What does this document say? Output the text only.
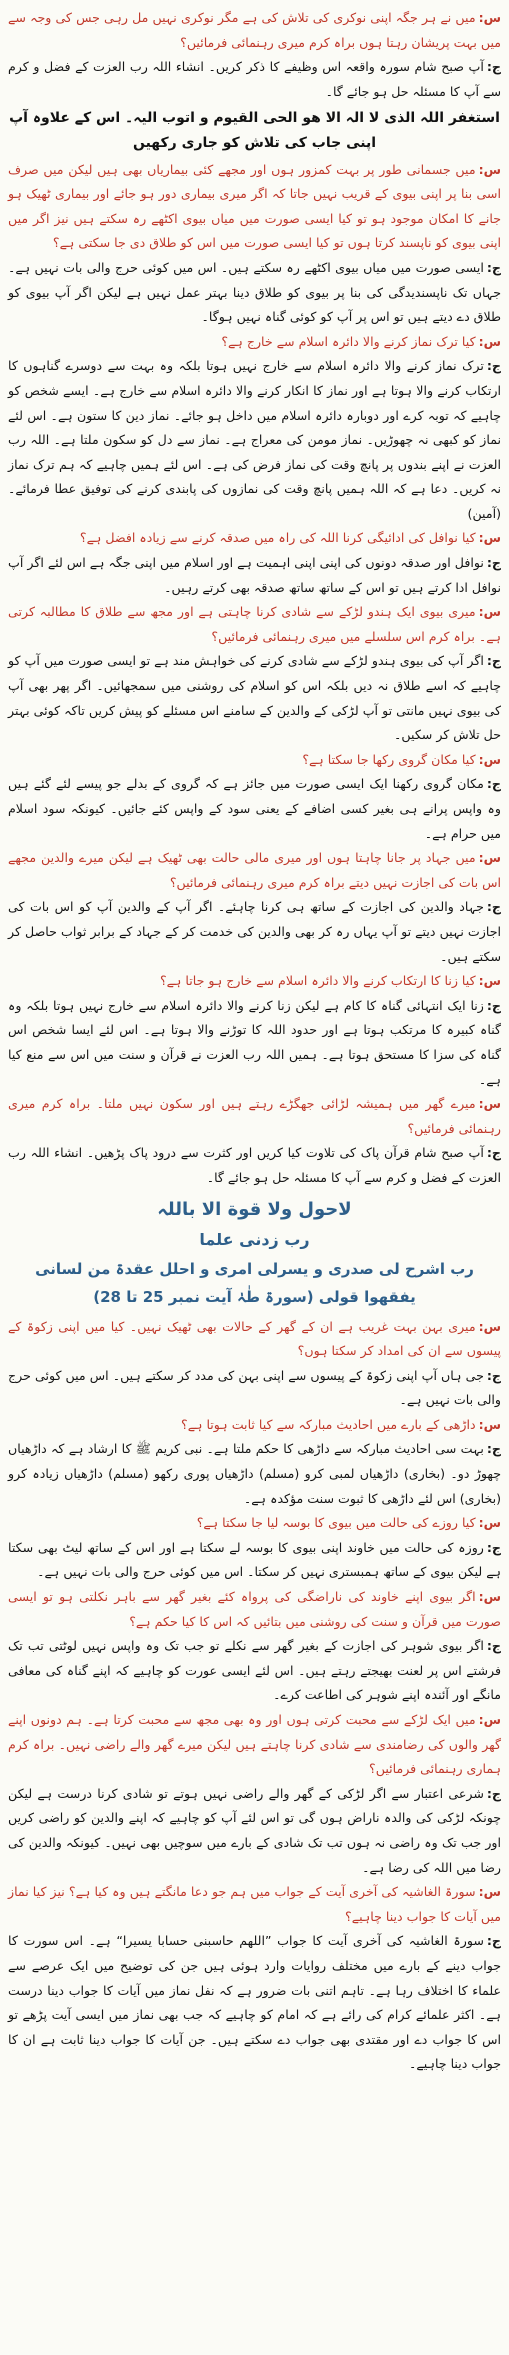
س:میں نے ہر جگہ اپنی نوکری کی تلاش کی ہے مگر نوکری نہیں مل رہی جس کی وجہ سے میں بہت پریشان رہتا ہوں براہ کرم میری رہنمائی فرمائیں؟

ج:آپ صبح شام سورہ واقعہ اس وظیفے کا ذکر کریں۔ انشاء اللہ رب العزت کے فضل و کرم سے آپ کا مسئلہ حل ہو جائے گا۔

استغفر اللہ الذی لا الہ الا ھو الحی القیوم و اتوب الیہ۔ اس کے علاوہ آپ اپنی جاب کی تلاش کو جاری رکھیں

س:میں جسمانی طور پر بہت کمزور ہوں اور مجھے کئی بیماریاں بھی ہیں لیکن میں صرف اسی بنا پر اپنی بیوی کے قریب نہیں جاتا کہ اگر میری بیماری دور ہو جائے اور بیماری ٹھیک ہو جانے کا امکان موجود ہو تو کیا ایسی صورت میں میاں بیوی اکٹھے رہ سکتے ہیں نیز اگر میں اپنی بیوی کو ناپسند کرتا ہوں تو کیا ایسی صورت میں اس کو طلاق دی جا سکتی ہے؟

ج:ایسی صورت میں میاں بیوی اکٹھے رہ سکتے ہیں۔ اس میں کوئی حرج والی بات نہیں ہے۔ جہاں تک ناپسندیدگی کی بنا پر بیوی کو طلاق دینا بہتر عمل نہیں ہے لیکن اگر آپ بیوی کو طلاق دے دیتے ہیں تو اس پر آپ کو کوئی گناہ نہیں ہوگا۔

س:کیا ترک نماز کرنے والا دائرہ اسلام سے خارج ہے؟

ج:ترک نماز کرنے والا دائرہ اسلام سے خارج نہیں ہوتا بلکہ وہ بہت سے دوسرے گناہوں کا ارتکاب کرنے والا ہوتا ہے اور نماز کا انکار کرنے والا دائرہ اسلام سے خارج ہے۔ ایسے شخص کو چاہیے کہ توبہ کرے اور دوبارہ دائرہ اسلام میں داخل ہو جائے۔ نماز دین کا ستون ہے۔ اس لئے نماز کو کبھی نہ چھوڑیں۔ نماز مومن کی معراج ہے۔ نماز سے دل کو سکون ملتا ہے۔ اللہ رب العزت نے اپنے بندوں پر پانچ وقت کی نماز فرض کی ہے۔ اس لئے ہمیں چاہیے کہ ہم ترک نماز نہ کریں۔ دعا ہے کہ اللہ ہمیں پانچ وقت کی نمازوں کی پابندی کرنے کی توفیق عطا فرمائے۔ (آمین)

س:کیا نوافل کی ادائیگی کرنا اللہ کی راہ میں صدقہ کرنے سے زیادہ افضل ہے؟

ج:نوافل اور صدقہ دونوں کی اپنی اپنی اہمیت ہے اور اسلام میں اپنی جگہ ہے اس لئے اگر آپ نوافل ادا کرتے ہیں تو اس کے ساتھ ساتھ صدقہ بھی کرتے رہیں۔

س:میری بیوی ایک ہندو لڑکے سے شادی کرنا چاہتی ہے اور مجھ سے طلاق کا مطالبہ کرتی ہے۔ براہ کرم اس سلسلے میں میری رہنمائی فرمائیں؟

ج:اگر آپ کی بیوی ہندو لڑکے سے شادی کرنے کی خواہش مند ہے تو ایسی صورت میں آپ کو چاہیے کہ اسے طلاق نہ دیں بلکہ اس کو اسلام کی روشنی میں سمجھائیں۔ اگر پھر بھی آپ کی بیوی نہیں مانتی تو آپ لڑکی کے والدین کے سامنے اس مسئلے کو پیش کریں تاکہ کوئی بہتر حل تلاش کر سکیں۔

س:کیا مکان گروی رکھا جا سکتا ہے؟

ج:مکان گروی رکھنا ایک ایسی صورت میں جائز ہے کہ گروی کے بدلے جو پیسے لئے گئے ہیں وہ واپس پرانے ہی بغیر کسی اضافے کے یعنی سود کے واپس کئے جائیں۔ کیونکہ سود اسلام میں حرام ہے۔

س:میں جہاد پر جانا چاہتا ہوں اور میری مالی حالت بھی ٹھیک ہے لیکن میرے والدین مجھے اس بات کی اجازت نہیں دیتے براہ کرم میری رہنمائی فرمائیں؟

ج:جہاد والدین کی اجازت کے ساتھ ہی کرنا چاہئے۔ اگر آپ کے والدین آپ کو اس بات کی اجازت نہیں دیتے تو آپ یہاں رہ کر بھی والدین کی خدمت کر کے جہاد کے برابر ثواب حاصل کر سکتے ہیں۔

س:کیا زنا کا ارتکاب کرنے والا دائرہ اسلام سے خارج ہو جاتا ہے؟

ج:زنا ایک انتہائی گناہ کا کام ہے لیکن زنا کرنے والا دائرہ اسلام سے خارج نہیں ہوتا بلکہ وہ گناہ کبیرہ کا مرتکب ہوتا ہے اور حدود اللہ کا توڑنے والا ہوتا ہے۔ اس لئے ایسا شخص اس گناہ کی سزا کا مستحق ہوتا ہے۔ ہمیں اللہ رب العزت نے قرآن و سنت میں اس سے منع کیا ہے۔

س:میرے گھر میں ہمیشہ لڑائی جھگڑے رہتے ہیں اور سکون نہیں ملتا۔ براہ کرم میری رہنمائی فرمائیں؟

ج:آپ صبح شام قرآن پاک کی تلاوت کیا کریں اور کثرت سے درود پاک پڑھیں۔ انشاء اللہ رب العزت کے فضل و کرم سے آپ کا مسئلہ حل ہو جائے گا۔

لاحول ولا قوة الا باللہ
رب زدنی علما
رب اشرح لی صدری و یسرلی امری و احلل عقدۃ من لسانی یفقھوا قولی (سورۃ طٰہٰ آیت نمبر 25 تا 28)

س:میری بہن بہت غریب ہے ان کے گھر کے حالات بھی ٹھیک نہیں۔ کیا میں اپنی زکوۃ کے پیسوں سے ان کی امداد کر سکتا ہوں؟

ج:جی ہاں آپ اپنی زکوۃ کے پیسوں سے اپنی بہن کی مدد کر سکتے ہیں۔ اس میں کوئی حرج والی بات نہیں ہے۔

س:داڑھی کے بارے میں احادیث مبارکہ سے کیا ثابت ہوتا ہے؟

ج:بہت سی احادیث مبارکہ سے داڑھی کا حکم ملتا ہے۔ نبی کریم ﷺ کا ارشاد ہے کہ داڑھیاں چھوڑ دو۔ (بخاری) داڑھیاں لمبی کرو (مسلم) داڑھیاں پوری رکھو (مسلم) داڑھیاں زیادہ کرو (بخاری) اس لئے داڑھی کا ثبوت سنت مؤکدہ ہے۔

س:کیا روزے کی حالت میں بیوی کا بوسہ لیا جا سکتا ہے؟

ج:روزہ کی حالت میں خاوند اپنی بیوی کا بوسہ لے سکتا ہے اور اس کے ساتھ لیٹ بھی سکتا ہے لیکن بیوی کے ساتھ ہمبستری نہیں کر سکتا۔ اس میں کوئی حرج والی بات نہیں ہے۔

س:اگر بیوی اپنے خاوند کی ناراضگی کی پرواہ کئے بغیر گھر سے باہر نکلتی ہو تو ایسی صورت میں قرآن و سنت کی روشنی میں بتائیں کہ اس کا کیا حکم ہے؟

ج:اگر بیوی شوہر کی اجازت کے بغیر گھر سے نکلے تو جب تک وہ واپس نہیں لوٹتی تب تک فرشتے اس پر لعنت بھیجتے رہتے ہیں۔ اس لئے ایسی عورت کو چاہیے کہ اپنے گناہ کی معافی مانگے اور آئندہ اپنے شوہر کی اطاعت کرے۔

س:میں ایک لڑکے سے محبت کرتی ہوں اور وہ بھی مجھ سے محبت کرتا ہے۔ ہم دونوں اپنے گھر والوں کی رضامندی سے شادی کرنا چاہتے ہیں لیکن میرے گھر والے راضی نہیں۔ براہ کرم ہماری رہنمائی فرمائیں؟

ج:شرعی اعتبار سے اگر لڑکی کے گھر والے راضی نہیں ہوتے تو شادی کرنا درست ہے لیکن چونکہ لڑکی کی والدہ ناراض ہوں گی تو اس لئے آپ کو چاہیے کہ اپنے والدین کو راضی کریں اور جب تک وہ راضی نہ ہوں تب تک شادی کے بارے میں سوچیں بھی نہیں۔ کیونکہ والدین کی رضا میں اللہ کی رضا ہے۔

س:سورۃ الغاشیہ کی آخری آیت کے جواب میں ہم جو دعا مانگتے ہیں وہ کیا ہے؟ نیز کیا نماز میں آیات کا جواب دینا چاہیے؟

ج:سورۃ الغاشیہ کی آخری آیت کا جواب ”اللھم حاسبنی حسابا یسیرا“ ہے۔ اس سورت کا جواب دینے کے بارے میں مختلف روایات وارد ہوئی ہیں جن کی توضیح میں ایک عرصے سے علماء کا اختلاف رہا ہے۔ تاہم اتنی بات ضرور ہے کہ نفل نماز میں آیات کا جواب دینا درست ہے۔ اکثر علمائے کرام کی رائے ہے کہ امام کو چاہیے کہ جب بھی نماز میں ایسی آیت پڑھے تو اس کا جواب دے اور مقتدی بھی جواب دے سکتے ہیں۔ جن آیات کا جواب دینا ثابت ہے ان کا جواب دینا چاہیے۔
